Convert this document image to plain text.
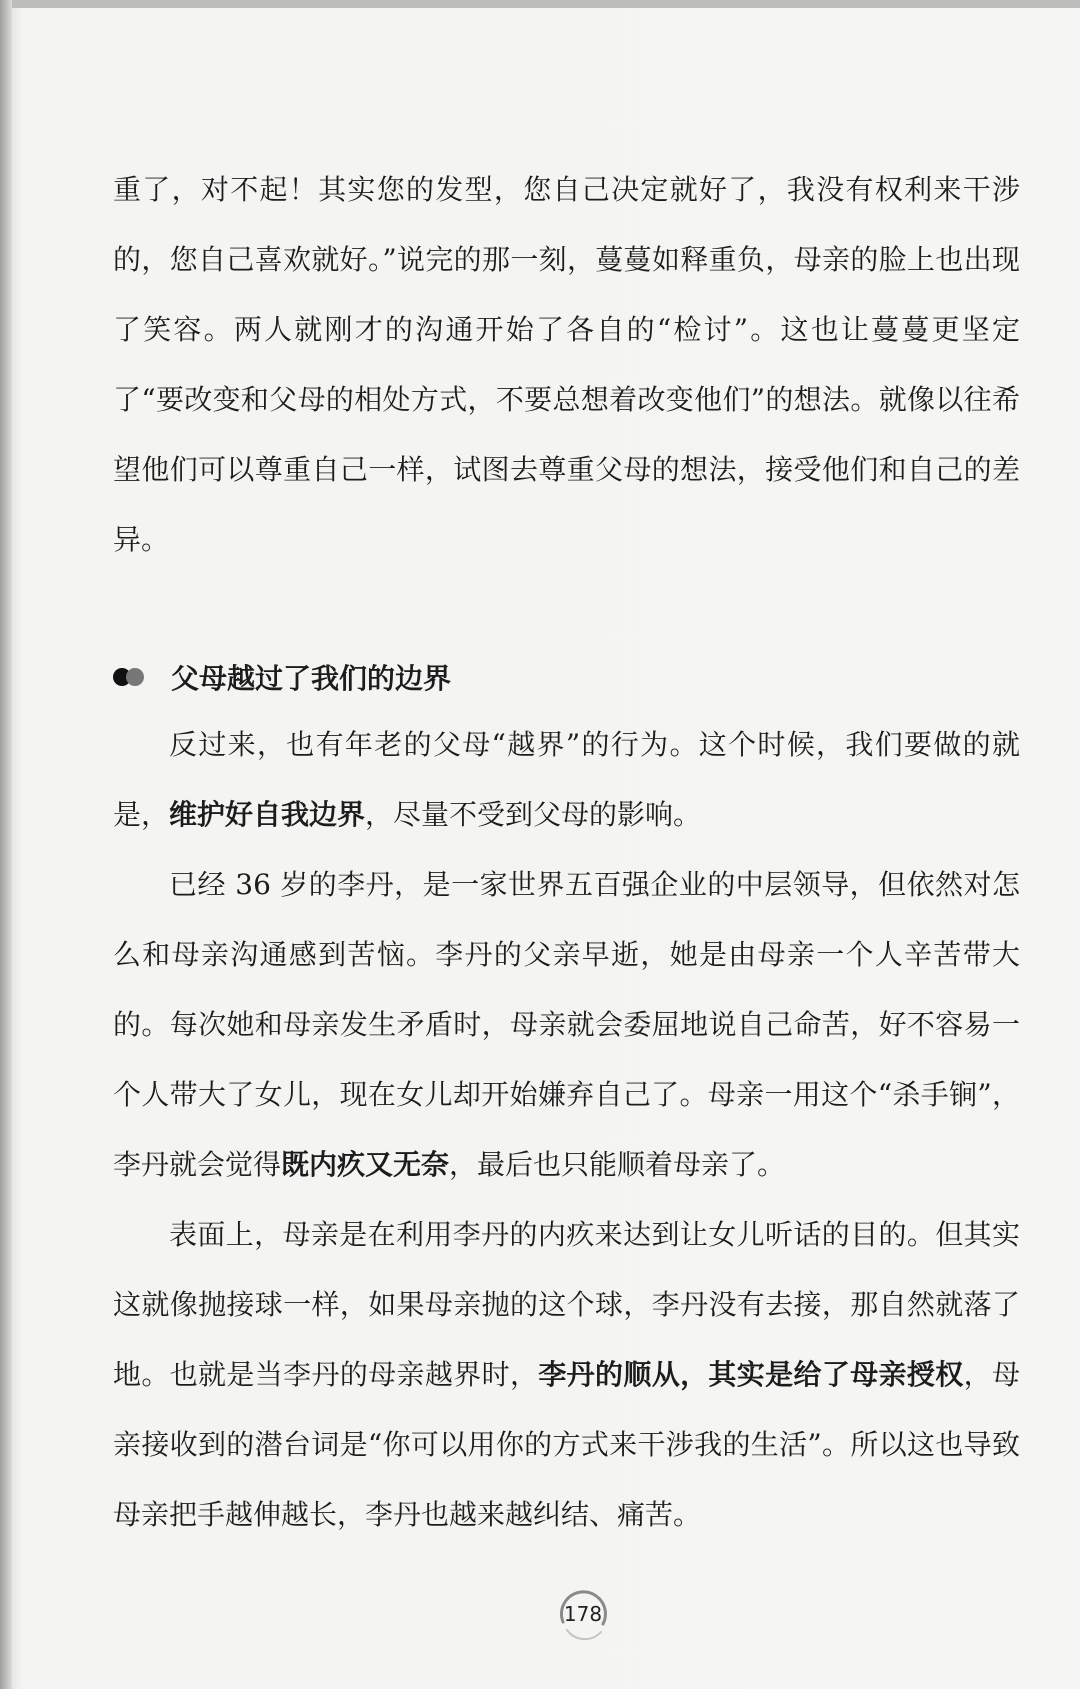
重了，对不起！其实您的发型，您自己决定就好了，我没有权利来干涉的，您自己喜欢就好。”说完的那一刻，蔓蔓如释重负，母亲的脸上也出现了笑容。两人就刚才的沟通开始了各自的“检讨”。这也让蔓蔓更坚定了“要改变和父母的相处方式，不要总想着改变他们”的想法。就像以往希望他们可以尊重自己一样，试图去尊重父母的想法，接受他们和自己的差异。

父母越过了我们的边界

反过来，也有年老的父母“越界”的行为。这个时候，我们要做的就是，维护好自我边界，尽量不受到父母的影响。

已经 36 岁的李丹，是一家世界五百强企业的中层领导，但依然对怎么和母亲沟通感到苦恼。李丹的父亲早逝，她是由母亲一个人辛苦带大的。每次她和母亲发生矛盾时，母亲就会委屈地说自己命苦，好不容易一个人带大了女儿，现在女儿却开始嫌弃自己了。母亲一用这个“杀手锏”，李丹就会觉得既内疚又无奈，最后也只能顺着母亲了。

表面上，母亲是在利用李丹的内疚来达到让女儿听话的目的。但其实这就像抛接球一样，如果母亲抛的这个球，李丹没有去接，那自然就落了地。也就是当李丹的母亲越界时，李丹的顺从，其实是给了母亲授权，母亲接收到的潜台词是“你可以用你的方式来干涉我的生活”。所以这也导致母亲把手越伸越长，李丹也越来越纠结、痛苦。

178
